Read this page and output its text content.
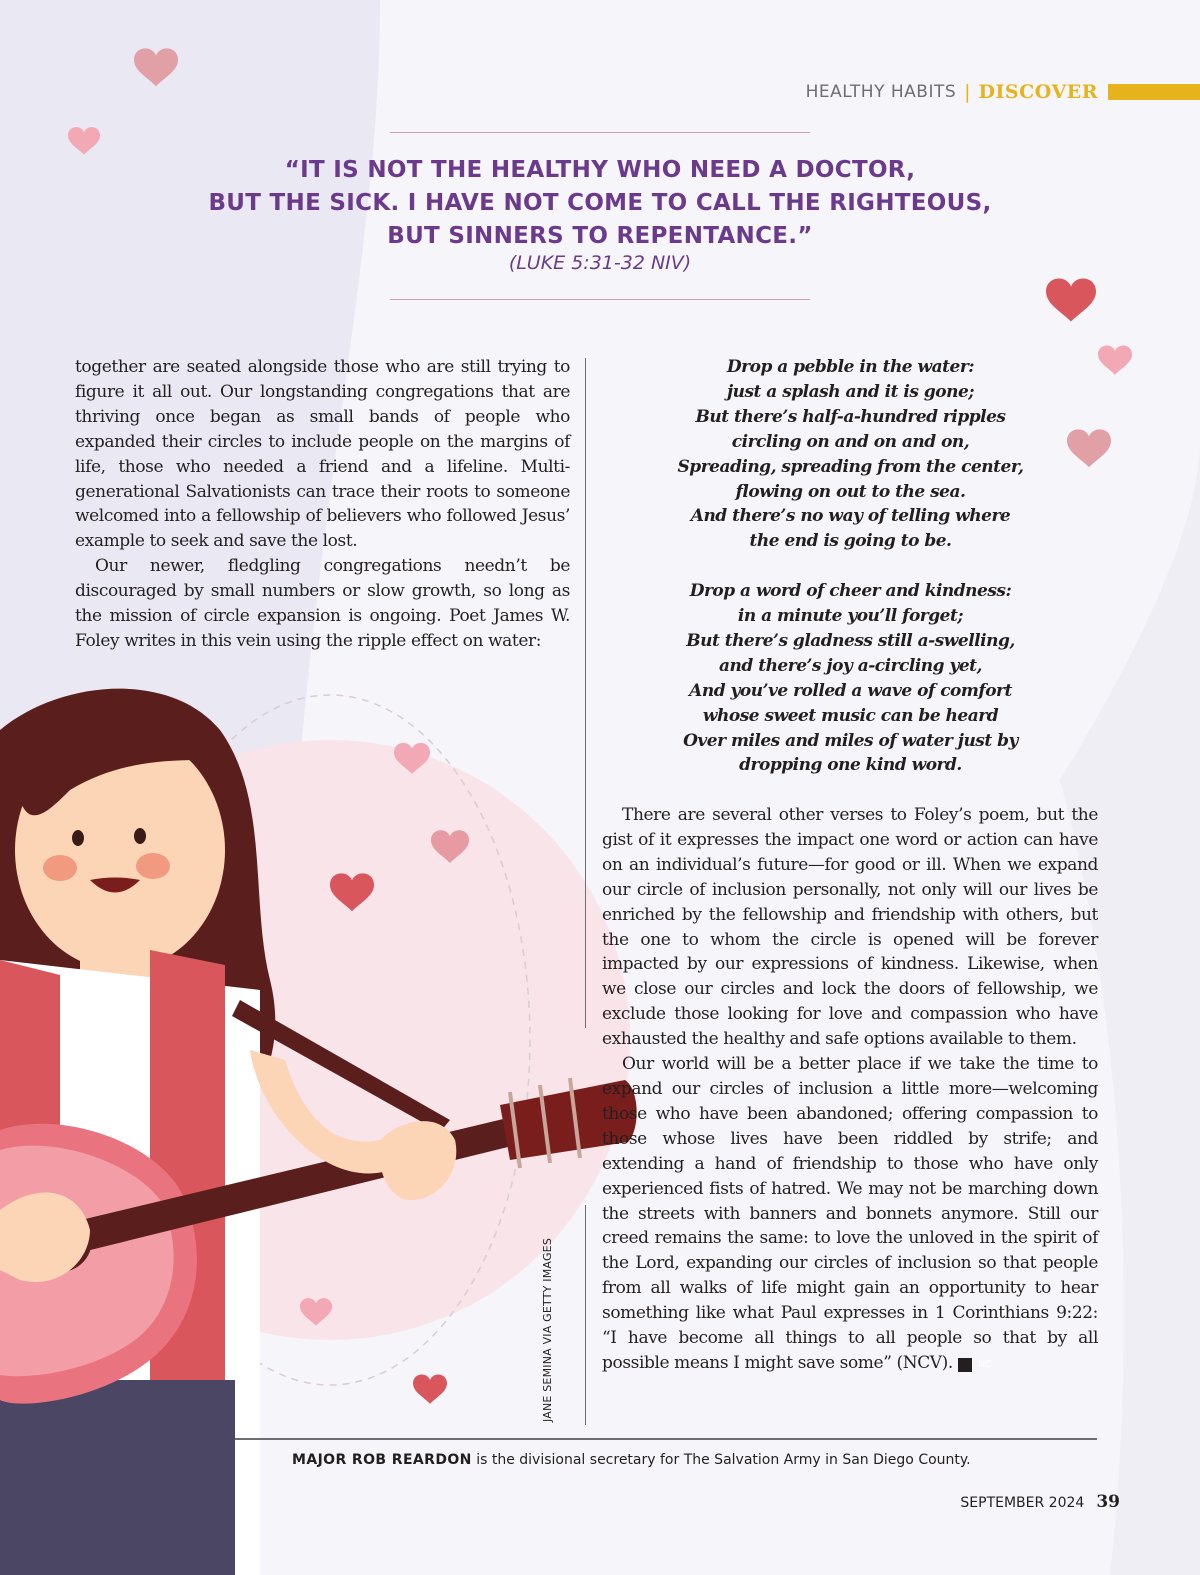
HEALTHY HABITS | DISCOVER
“IT IS NOT THE HEALTHY WHO NEED A DOCTOR,
BUT THE SICK. I HAVE NOT COME TO CALL THE RIGHTEOUS,
BUT SINNERS TO REPENTANCE.”
(LUKE 5:31-32 NIV)

together are seated alongside those who are still trying to figure it all out. Our longstanding congregations that are thriving once began as small bands of people who expanded their circles to include people on the margins of life, those who needed a friend and a lifeline. Multi-generational Salvationists can trace their roots to someone welcomed into a fellowship of believers who followed Jesus’ example to seek and save the lost.

Our newer, fledgling congregations needn’t be discouraged by small numbers or slow growth, so long as the mission of circle expansion is ongoing. Poet James W. Foley writes in this vein using the ripple effect on water:

Drop a pebble in the water:
just a splash and it is gone;
But there’s half-a-hundred ripples
circling on and on and on,
Spreading, spreading from the center,
flowing on out to the sea.
And there’s no way of telling where
the end is going to be.
Drop a word of cheer and kindness:
in a minute you’ll forget;
But there’s gladness still a-swelling,
and there’s joy a-circling yet,
And you’ve rolled a wave of comfort
whose sweet music can be heard
Over miles and miles of water just by
dropping one kind word.

There are several other verses to Foley’s poem, but the gist of it expresses the impact one word or action can have on an individual’s future—for good or ill. When we expand our circle of inclusion personally, not only will our lives be enriched by the fellowship and friendship with others, but the one to whom the circle is opened will be forever impacted by our expressions of kindness. Likewise, when we close our circles and lock the doors of fellowship, we exclude those looking for love and compassion who have exhausted the healthy and safe options available to them.

Our world will be a better place if we take the time to expand our circles of inclusion a little more—welcoming those who have been abandoned; offering compassion to those whose lives have been riddled by strife; and extending a hand of friendship to those who have only experienced fists of hatred. We may not be marching down the streets with banners and bonnets anymore. Still our creed remains the same: to love the unloved in the spirit of the Lord, expanding our circles of inclusion so that people from all walks of life might gain an opportunity to hear something like what Paul expresses in 1 Corinthians 9:22: “I have become all things to all people so that by all possible means I might save some” (NCV).	NC

JANE SEMINA VIA GETTY IMAGES
MAJOR ROB REARDON is the divisional secretary for The Salvation Army in San Diego County.
SEPTEMBER 2024 39
